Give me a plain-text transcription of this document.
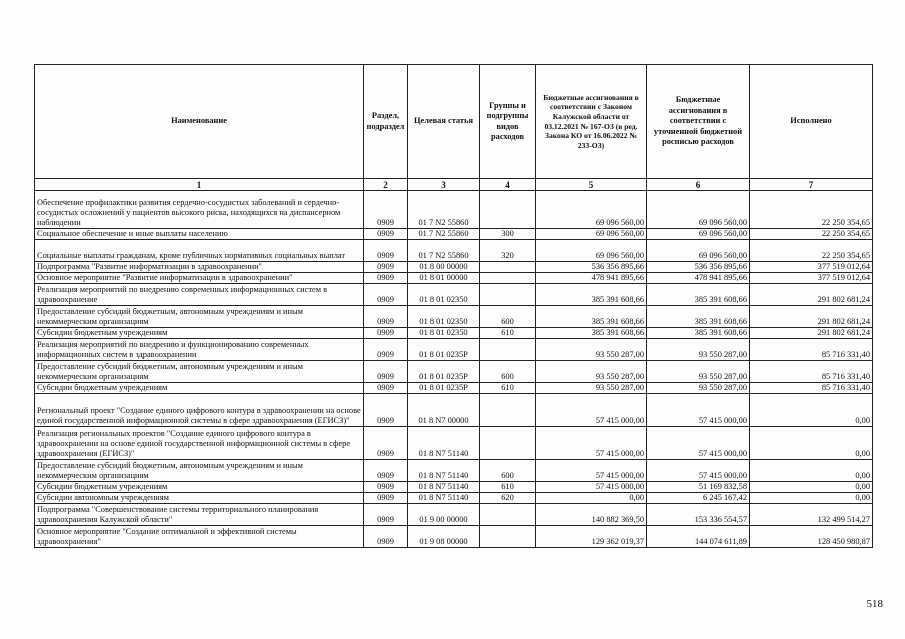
Наименование	Раздел, подраздел	Целевая статья	Группы и подгруппы видов расходов	Бюджетные ассигнования в соответствии с Законом Калужской области от 03.12.2021 № 167-ОЗ (в ред. Закона КО от 16.06.2022 № 233-ОЗ)	Бюджетные ассигнования в соответствии с уточненной бюджетной росписью расходов	Исполнено
1	2	3	4	5	6	7
Обеспечение профилактики развития сердечно-сосудистых заболеваний и сердечно-сосудистых осложнений у пациентов высокого риска, находящихся на диспансерном наблюдении	0909	01 7 N2 55860		69 096 560,00	69 096 560,00	22 250 354,65
Социальное обеспечение и иные выплаты населению	0909	01 7 N2 55860	300	69 096 560,00	69 096 560,00	22 250 354,65
Социальные выплаты гражданам, кроме публичных нормативных социальных выплат	0909	01 7 N2 55860	320	69 096 560,00	69 096 560,00	22 250 354,65
Подпрограмма "Развитие информатизации в здравоохранении"	0909	01 8 00 00000		536 356 895,66	536 356 895,66	377 519 012,64
Основное мероприятие "Развитие информатизации в здравоохранении"	0909	01 8 01 00000		478 941 895,66	478 941 895,66	377 519 012,64
Реализация мероприятий по внедрению современных информационных систем в здравоохранение	0909	01 8 01 02350		385 391 608,66	385 391 608,66	291 802 681,24
Предоставление субсидий бюджетным, автономным учреждениям и иным некоммерческим организациям	0909	01 8 01 02350	600	385 391 608,66	385 391 608,66	291 802 681,24
Субсидии бюджетным учреждениям	0909	01 8 01 02350	610	385 391 608,66	385 391 608,66	291 802 681,24
Реализация мероприятий по внедрению и функционированию современных информационных систем в здравоохранении	0909	01 8 01 0235Р		93 550 287,00	93 550 287,00	85 716 331,40
Предоставление субсидий бюджетным, автономным учреждениям и иным некоммерческим организациям	0909	01 8 01 0235Р	600	93 550 287,00	93 550 287,00	85 716 331,40
Субсидии бюджетным учреждениям	0909	01 8 01 0235Р	610	93 550 287,00	93 550 287,00	85 716 331,40
Региональный проект "Создание единого цифрового контура в здравоохранении на основе единой государственной информационной системы в сфере здравоохранения (ЕГИСЗ)"	0909	01 8 N7 00000		57 415 000,00	57 415 000,00	0,00
Реализация региональных проектов "Создание единого цифрового контура в здравоохранении на основе единой государственной информационной системы в сфере здравоохранения (ЕГИСЗ)"	0909	01 8 N7 51140		57 415 000,00	57 415 000,00	0,00
Предоставление субсидий бюджетным, автономным учреждениям и иным некоммерческим организациям	0909	01 8 N7 51140	600	57 415 000,00	57 415 000,00	0,00
Субсидии бюджетным учреждениям	0909	01 8 N7 51140	610	57 415 000,00	51 169 832,58	0,00
Субсидии автономным учреждениям	0909	01 8 N7 51140	620	0,00	6 245 167,42	0,00
Подпрограмма "Совершенствование системы территориального планирования здравоохранения Калужской области"	0909	01 9 00 00000		140 882 369,50	153 336 554,57	132 499 514,27
Основное мероприятие "Создание оптимальной и эффективной системы здравоохранения"	0909	01 9 08 00000		129 362 019,37	144 074 611,89	128 450 980,87
518
